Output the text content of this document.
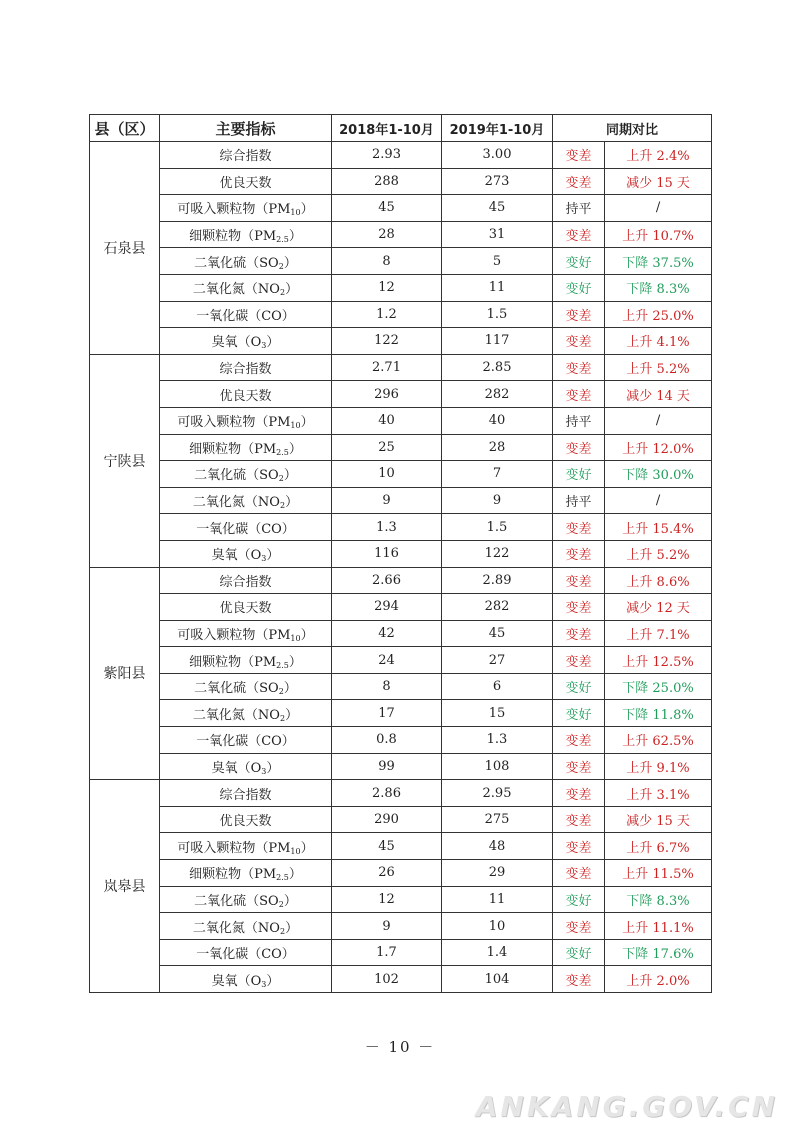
县（区）	主要指标	2018年1-10月	2019年1-10月	同期对比	
石泉县	综合指数	2.93	3.00	变差	上升 2.4%
	优良天数	288	273	变差	减少 15 天
	可吸入颗粒物$(PM_{10})$	45	45	持平	/
	细颗粒物$(PM_{2.5})$	28	31	变差	上升 10.7%
	二氧化硫$(SO_2)$	8	5	变好	下降 37.5%
	二氧化氮$(NO_2)$	12	11	变好	下降 8.3%
	一氧化碳（CO）	1.2	1.5	变差	上升 25.0%
	臭氧$(O_3)$	122	117	变差	上升 4.1%
宁陕县	综合指数	2.71	2.85	变差	上升 5.2%
	优良天数	296	282	变差	减少 14 天
	可吸入颗粒物$(PM_{10})$	40	40	持平	/
	细颗粒物$(PM_{2.5})$	25	28	变差	上升 12.0%
	二氧化硫$(SO_2)$	10	7	变好	下降 30.0%
	二氧化氮$(NO_2)$	9	9	持平	/
	一氧化碳（CO）	1.3	1.5	变差	上升 15.4%
	臭氧$(O_3)$	116	122	变差	上升 5.2%
紫阳县	综合指数	2.66	2.89	变差	上升 8.6%
	优良天数	294	282	变差	减少 12 天
	可吸入颗粒物$(PM_{10})$	42	45	变差	上升 7.1%
	细颗粒物$(PM_{2.5})$	24	27	变差	上升 12.5%
	二氧化硫$(SO_2)$	8	6	变好	下降 25.0%
	二氧化氮$(NO_2)$	17	15	变好	下降 11.8%
	一氧化碳（CO）	0.8	1.3	变差	上升 62.5%
	臭氧$(O_3)$	99	108	变差	上升 9.1%
岚皋县	综合指数	2.86	2.95	变差	上升 3.1%
	优良天数	290	275	变差	减少 15 天
	可吸入颗粒物$(PM_{10})$	45	48	变差	上升 6.7%
	细颗粒物$(PM_{2.5})$	26	29	变差	上升 11.5%
	二氧化硫$(SO_2)$	12	11	变好	下降 8.3%
	二氧化氮$(NO_2)$	9	10	变差	上升 11.1%
	一氧化碳（CO）	1.7	1.4	变好	下降 17.6%
	臭氧$(O_3)$	102	104	变差	上升 2.0%
－ 10 －
ANKANG.GOV.CN
